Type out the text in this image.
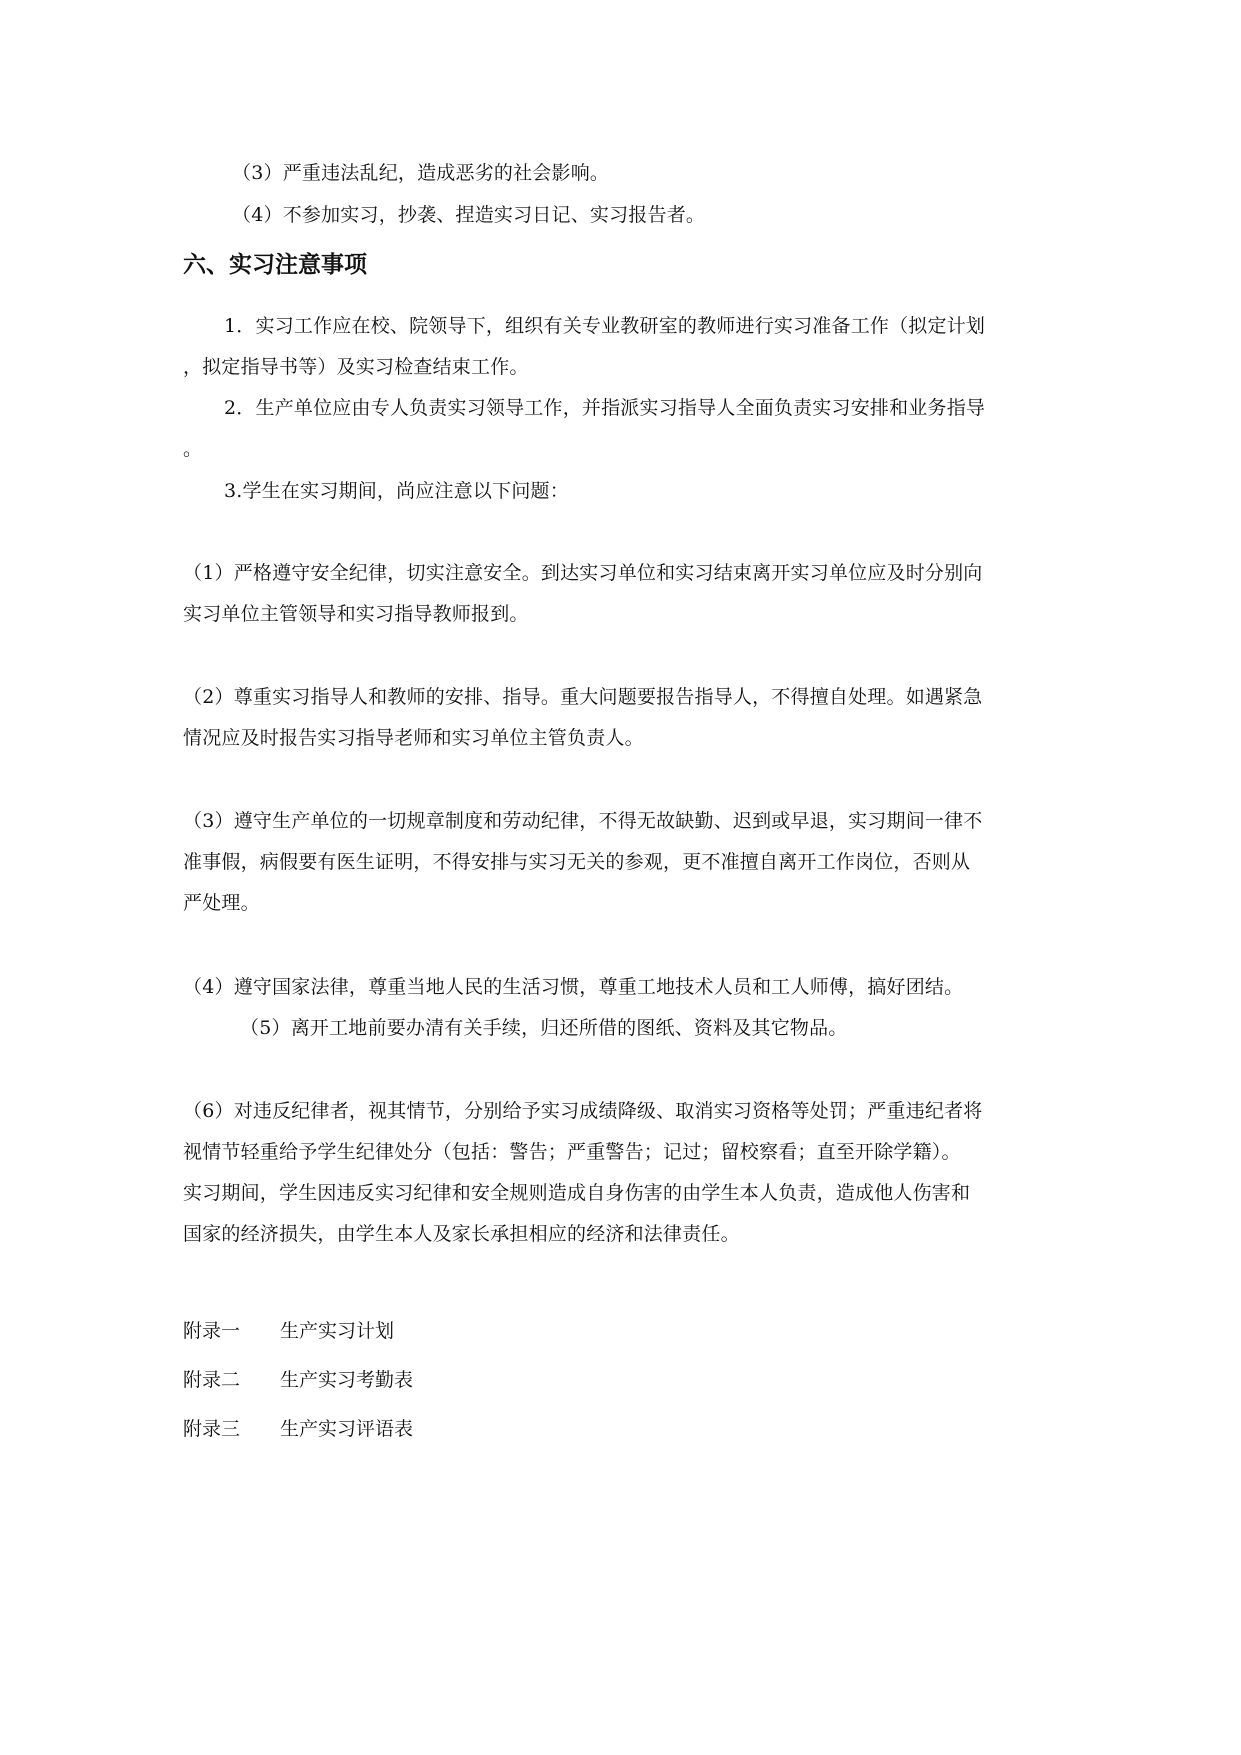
（3）严重违法乱纪，造成恶劣的社会影响。
（4）不参加实习，抄袭、捏造实习日记、实习报告者。
六、实习注意事项
1．实习工作应在校、院领导下，组织有关专业教研室的教师进行实习准备工作（拟定计划
，拟定指导书等）及实习检查结束工作。
2．生产单位应由专人负责实习领导工作，并指派实习指导人全面负责实习安排和业务指导
。
3.学生在实习期间，尚应注意以下问题：
（1）严格遵守安全纪律，切实注意安全。到达实习单位和实习结束离开实习单位应及时分别向
实习单位主管领导和实习指导教师报到。
（2）尊重实习指导人和教师的安排、指导。重大问题要报告指导人，不得擅自处理。如遇紧急
情况应及时报告实习指导老师和实习单位主管负责人。
（3）遵守生产单位的一切规章制度和劳动纪律，不得无故缺勤、迟到或早退，实习期间一律不
准事假，病假要有医生证明，不得安排与实习无关的参观，更不准擅自离开工作岗位，否则从
严处理。
（4）遵守国家法律，尊重当地人民的生活习惯，尊重工地技术人员和工人师傅，搞好团结。
（5）离开工地前要办清有关手续，归还所借的图纸、资料及其它物品。
（6）对违反纪律者，视其情节，分别给予实习成绩降级、取消实习资格等处罚；严重违纪者将
视情节轻重给予学生纪律处分（包括：警告；严重警告；记过；留校察看；直至开除学籍）。
实习期间，学生因违反实习纪律和安全规则造成自身伤害的由学生本人负责，造成他人伤害和
国家的经济损失，由学生本人及家长承担相应的经济和法律责任。
附录一 生产实习计划
附录二 生产实习考勤表
附录三 生产实习评语表
